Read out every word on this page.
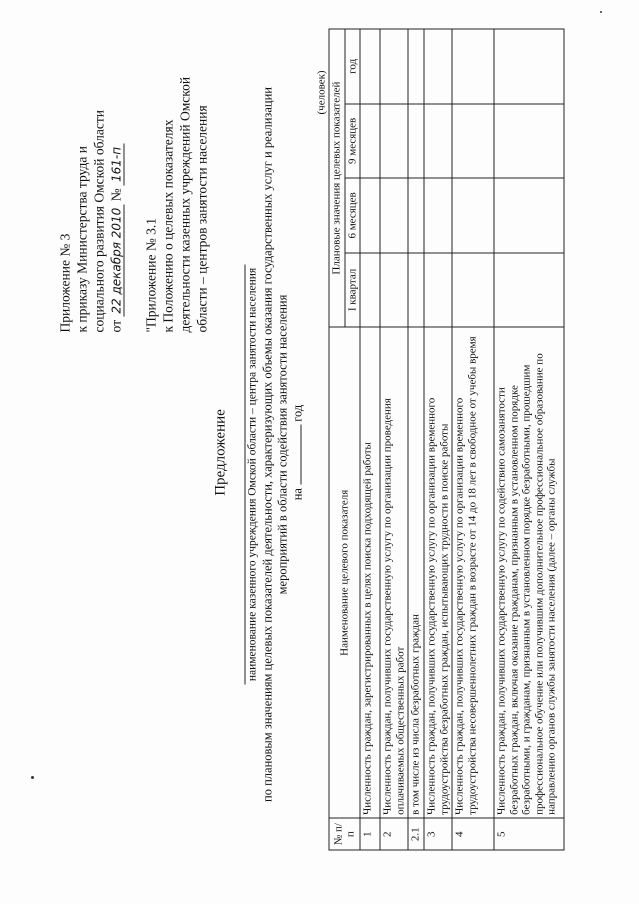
Приложение № 3 к приказу Министерства труда и социального развития Омской области от 22 декабря 2010 № 161-п
"Приложение № 3.1 к Положению о целевых показателях деятельности казенных учреждений Омской области – центров занятости населения
Предложение наименование казенного учреждения Омской области – центра занятости населения по плановым значениям целевых показателей деятельности, характеризующих объемы оказания государственных услуг и реализации мероприятий в области содействия занятости населения на  год
(человек)
№ п/п	Наименование целевого показателя	Плановые значения целевых показателей			
		I квартал	6 месяцев	9 месяцев	год
1	Численность граждан, зарегистрированных в целях поиска подходящей работы				
2	Численность граждан, получивших государственную услугу по организации проведения оплачиваемых общественных работ				
2.1	в том числе из числа безработных граждан				
3	Численность граждан, получивших государственную услугу по организации временного трудоустройства безработных граждан, испытывающих трудности в поиске работы				
4	Численность граждан, получивших государственную услугу по организации временного трудоустройства несовершеннолетних граждан в возрасте от 14 до 18 лет в свободное от учебы время				
5	Численность граждан, получивших государственную услугу по содействию самозанятости безработных граждан, включая оказание гражданам, признанным в установленном порядке безработными, и гражданам, признанным в установленном порядке безработными, прошедшим профессиональное обучение или получившим дополнительное профессиональное образование по направлению органов службы занятости населения (далее – органы службы				
